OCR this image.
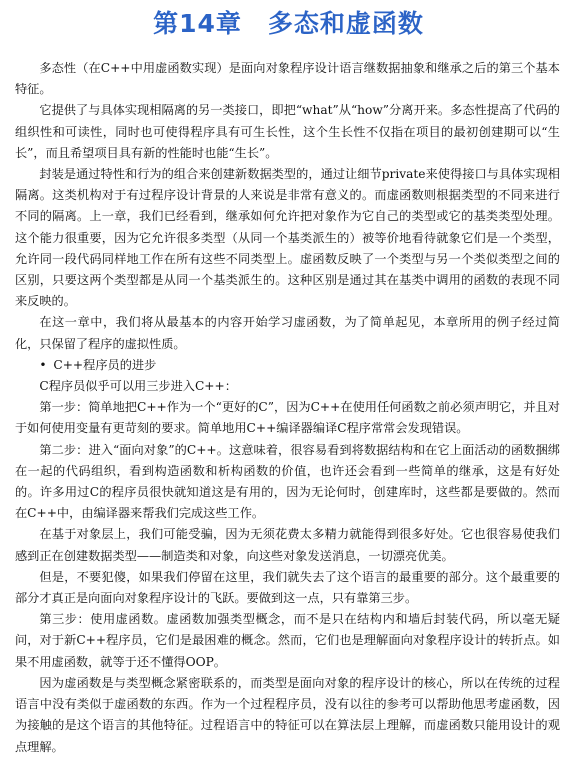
第14章 多态和虚函数

多态性（在C++中用虚函数实现）是面向对象程序设计语言继数据抽象和继承之后的第三个基本特征。

它提供了与具体实现相隔离的另一类接口，即把“what”从“how”分离开来。多态性提高了代码的组织性和可读性，同时也可使得程序具有可生长性，这个生长性不仅指在项目的最初创建期可以“生长”，而且希望项目具有新的性能时也能“生长”。

封装是通过特性和行为的组合来创建新数据类型的，通过让细节private来使得接口与具体实现相隔离。这类机构对于有过程序设计背景的人来说是非常有意义的。而虚函数则根据类型的不同来进行不同的隔离。上一章，我们已经看到，继承如何允许把对象作为它自己的类型或它的基类类型处理。这个能力很重要，因为它允许很多类型（从同一个基类派生的）被等价地看待就象它们是一个类型，允许同一段代码同样地工作在所有这些不同类型上。虚函数反映了一个类型与另一个类似类型之间的区别，只要这两个类型都是从同一个基类派生的。这种区别是通过其在基类中调用的函数的表现不同来反映的。

在这一章中，我们将从最基本的内容开始学习虚函数，为了简单起见，本章所用的例子经过简化，只保留了程序的虚拟性质。

• C++程序员的进步

C程序员似乎可以用三步进入C++：

第一步：简单地把C++作为一个“更好的C”，因为C++在使用任何函数之前必须声明它，并且对于如何使用变量有更苛刻的要求。简单地用C++编译器编译C程序常常会发现错误。

第二步：进入“面向对象”的C++。这意味着，很容易看到将数据结构和在它上面活动的函数捆绑在一起的代码组织，看到构造函数和析构函数的价值，也许还会看到一些简单的继承，这是有好处的。许多用过C的程序员很快就知道这是有用的，因为无论何时，创建库时，这些都是要做的。然而在C++中，由编译器来帮我们完成这些工作。

在基于对象层上，我们可能受骗，因为无须花费太多精力就能得到很多好处。它也很容易使我们感到正在创建数据类型——制造类和对象，向这些对象发送消息，一切漂亮优美。

但是，不要犯傻，如果我们停留在这里，我们就失去了这个语言的最重要的部分。这个最重要的部分才真正是向面向对象程序设计的飞跃。要做到这一点，只有靠第三步。

第三步：使用虚函数。虚函数加强类型概念，而不是只在结构内和墙后封装代码，所以毫无疑问，对于新C++程序员，它们是最困难的概念。然而，它们也是理解面向对象程序设计的转折点。如果不用虚函数，就等于还不懂得OOP。

因为虚函数是与类型概念紧密联系的，而类型是面向对象的程序设计的核心，所以在传统的过程语言中没有类似于虚函数的东西。作为一个过程程序员，没有以往的参考可以帮助他思考虚函数，因为接触的是这个语言的其他特征。过程语言中的特征可以在算法层上理解，而虚函数只能用设计的观点理解。
